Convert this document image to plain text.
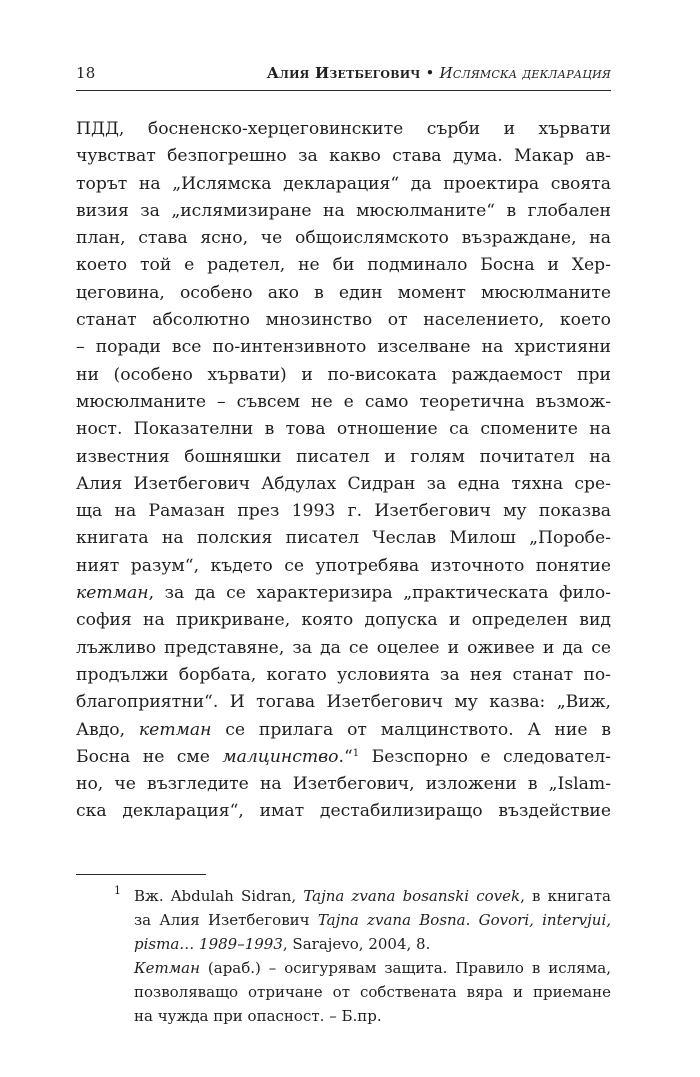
18	Алия Изетбегович • Ислямска декларация
ПДД, босненско-херцеговинските сърби и хървати
чувстват безпогрешно за какво става дума. Макар ав-
торът на „Ислямска декларация“ да проектира своята
визия за „ислямизиране на мюсюлманите“ в глобален
план, става ясно, че общоислямското възраждане, на
което той е радетел, не би подминало Босна и Хер-
цеговина, особено ако в един момент мюсюлманите
станат абсолютно мнозинство от населението, което
– поради все по-интензивното изселване на християни
ни (особено хървати) и по-високата раждаемост при
мюсюлманите – съвсем не е само теоретична възмож-
ност. Показателни в това отношение са спомените на
известния бошняшки писател и голям почитател на
Алия Изетбегович Абдулах Сидран за една тяхна сре-
ща на Рамазан през 1993 г. Изетбегович му показва
книгата на полския писател Чеслав Милош „Поробе-
ният разум“, където се употребява източното понятие
кетман, за да се характеризира „практическата фило-
софия на прикриване, която допуска и определен вид
лъжливо представяне, за да се оцелее и оживее и да се
продължи борбата, когато условията за нея станат по-
благоприятни“. И тогава Изетбегович му казва: „Виж,
Авдо, кетман се прилага от малцинството. А ние в
Босна не сме малцинство.“$^1$ Безспорно е следовател-
но, че възгледите на Изетбегович, изложени в „Islam-
ска декларация“, имат дестабилизиращо въздействие
1 Вж. Abdulah Sidran, Tajna zvana bosanski covek, в книгата
за Алия Изетбегович Tajna zvana Bosna. Govori, intervjui,
pisma… 1989–1993, Sarajevo, 2004, 8.
Кетман (араб.) – осигурявам защита. Правило в исляма,
позволяващо отричане от собствената вяра и приемане
на чужда при опасност. – Б.пр.
